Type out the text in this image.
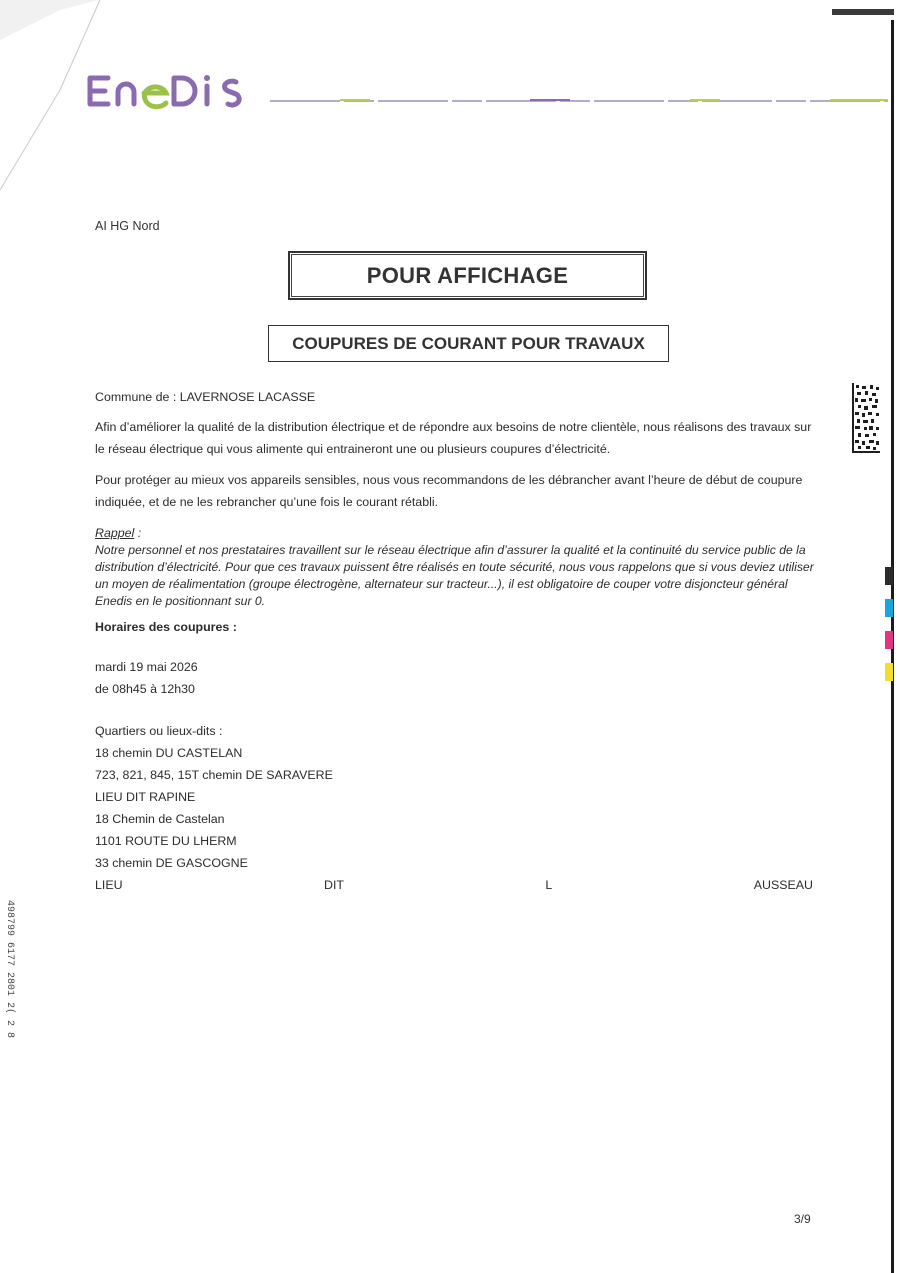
AI HG Nord
POUR AFFICHAGE
COUPURES DE COURANT POUR TRAVAUX

Commune de : LAVERNOSE LACASSE

Afin d’améliorer la qualité de la distribution électrique et de répondre aux besoins de notre clientèle, nous réalisons des travaux sur le réseau électrique qui vous alimente qui entraineront une ou plusieurs coupures d’électricité.

Pour protéger au mieux vos appareils sensibles, nous vous recommandons de les débrancher avant l’heure de début de coupure indiquée, et de ne les rebrancher qu’une fois le courant rétabli.

Rappel :

Notre personnel et nos prestataires travaillent sur le réseau électrique afin d’assurer la qualité et la continuité du service public de la distribution d’électricité. Pour que ces travaux puissent être réalisés en toute sécurité, nous vous rappelons que si vous deviez utiliser un moyen de réalimentation (groupe électrogène, alternateur sur tracteur...), il est obligatoire de couper votre disjoncteur général Enedis en le positionnant sur 0.

Horaires des coupures :

mardi 19 mai 2026

de 08h45 à 12h30

Quartiers ou lieux-dits :

18 chemin DU CASTELAN

723, 821, 845, 15T chemin DE SARAVERE

LIEU DIT RAPINE

18 Chemin de Castelan

1101 ROUTE DU LHERM

33 chemin DE GASCOGNE

LIEU	DIT	L	AUSSEAU
498799 6177 2801 2( 2 8
3/9
